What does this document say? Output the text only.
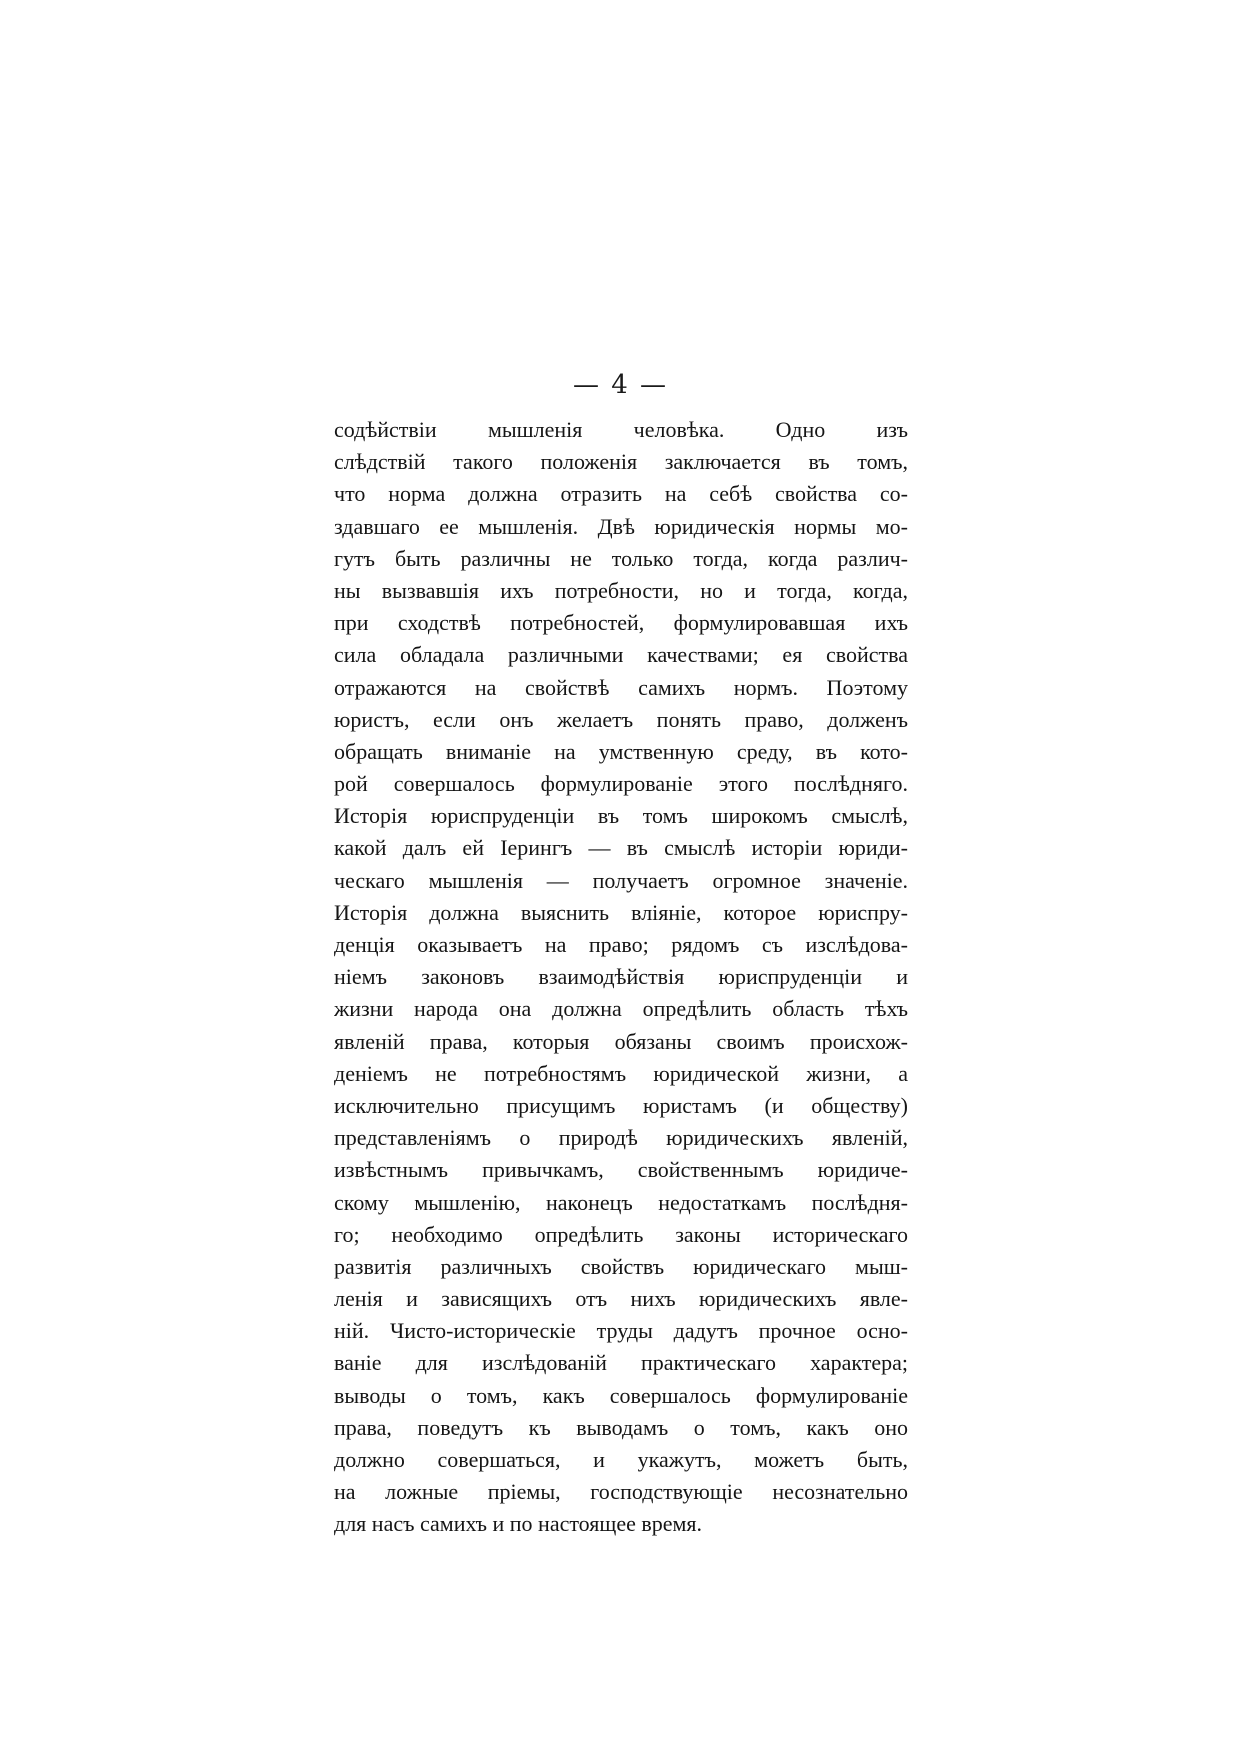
— 4 —
содѣйствіи мышленія человѣка. Одно изъ
слѣдствій такого положенія заключается въ томъ,
что норма должна отразить на себѣ свойства со-
здавшаго ее мышленія. Двѣ юридическія нормы мо-
гутъ быть различны не только тогда, когда различ-
ны вызвавшія ихъ потребности, но и тогда, когда,
при сходствѣ потребностей, формулировавшая ихъ
сила обладала различными качествами; ея свойства
отражаются на свойствѣ самихъ нормъ. Поэтому
юристъ, если онъ желаетъ понять право, долженъ
обращать вниманіе на умственную среду, въ кото-
рой совершалось формулированіе этого послѣдняго.
Исторія юриспруденціи въ томъ широкомъ смыслѣ,
какой далъ ей Іерингъ — въ смыслѣ исторіи юриди-
ческаго мышленія — получаетъ огромное значеніе.
Исторія должна выяснить вліяніе, которое юриспру-
денція оказываетъ на право; рядомъ съ изслѣдова-
ніемъ законовъ взаимодѣйствія юриспруденціи и
жизни народа она должна опредѣлить область тѣхъ
явленій права, которыя обязаны своимъ происхож-
деніемъ не потребностямъ юридической жизни, а
исключительно присущимъ юристамъ (и обществу)
представленіямъ о природѣ юридическихъ явленій,
извѣстнымъ привычкамъ, свойственнымъ юридиче-
скому мышленію, наконецъ недостаткамъ послѣдня-
го; необходимо опредѣлить законы историческаго
развитія различныхъ свойствъ юридическаго мыш-
ленія и зависящихъ отъ нихъ юридическихъ явле-
ній. Чисто-историческіе труды дадутъ прочное осно-
ваніе для изслѣдованій практическаго характера;
выводы о томъ, какъ совершалось формулированіе
права, поведутъ къ выводамъ о томъ, какъ оно
должно совершаться, и укажутъ, можетъ быть,
на ложные пріемы, господствующіе несознательно
для насъ самихъ и по настоящее время.
